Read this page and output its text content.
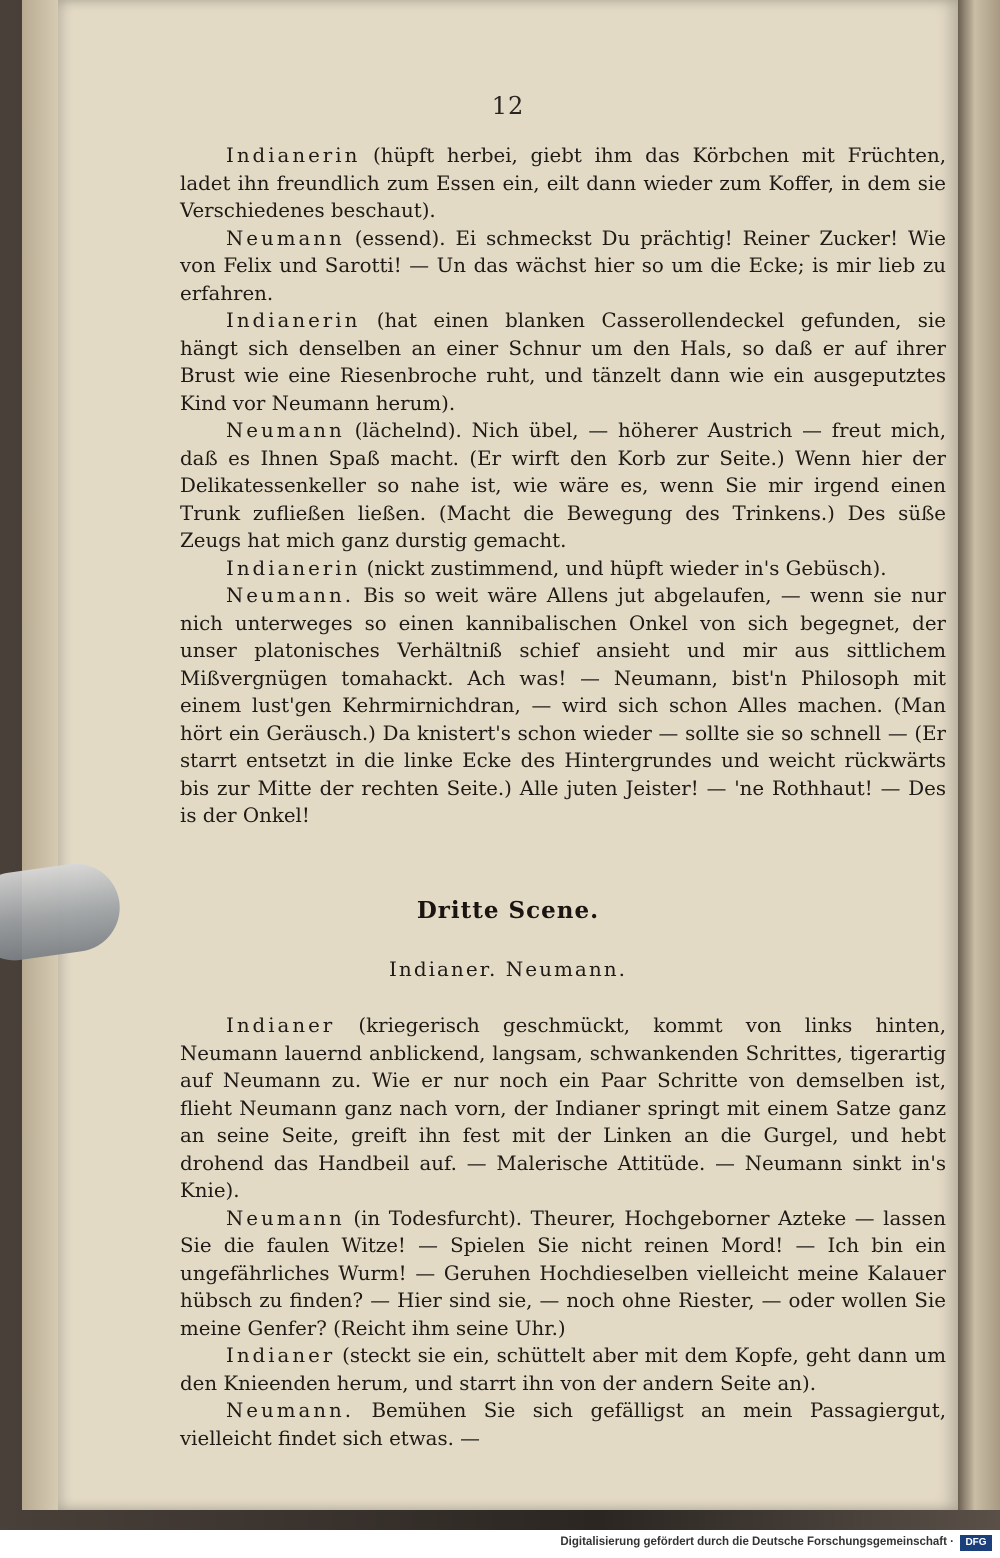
12

Indianerin (hüpft herbei, giebt ihm das Körbchen mit Früchten, ladet ihn freundlich zum Essen ein, eilt dann wieder zum Koffer, in dem sie Verschiedenes beschaut).

Neumann (essend). Ei schmeckst Du prächtig! Reiner Zucker! Wie von Felix und Sarotti! — Un das wächst hier so um die Ecke; is mir lieb zu erfahren.

Indianerin (hat einen blanken Casserollendeckel gefunden, sie hängt sich denselben an einer Schnur um den Hals, so daß er auf ihrer Brust wie eine Riesenbroche ruht, und tänzelt dann wie ein ausgeputztes Kind vor Neumann herum).

Neumann (lächelnd). Nich übel, — höherer Austrich — freut mich, daß es Ihnen Spaß macht. (Er wirft den Korb zur Seite.) Wenn hier der Delikatessenkeller so nahe ist, wie wäre es, wenn Sie mir irgend einen Trunk zufließen ließen. (Macht die Bewegung des Trinkens.) Des süße Zeugs hat mich ganz durstig gemacht.

Indianerin (nickt zustimmend, und hüpft wieder in's Gebüsch).

Neumann. Bis so weit wäre Allens jut abgelaufen, — wenn sie nur nich unterweges so einen kannibalischen Onkel von sich begegnet, der unser platonisches Verhältniß schief ansieht und mir aus sittlichem Mißvergnügen tomahackt. Ach was! — Neumann, bist'n Philosoph mit einem lust'gen Kehrmirnichdran, — wird sich schon Alles machen. (Man hört ein Geräusch.) Da knistert's schon wieder — sollte sie so schnell — (Er starrt entsetzt in die linke Ecke des Hintergrundes und weicht rückwärts bis zur Mitte der rechten Seite.) Alle juten Jeister! — 'ne Rothhaut! — Des is der Onkel!

Dritte Scene.
Indianer. Neumann.

Indianer (kriegerisch geschmückt, kommt von links hinten, Neumann lauernd anblickend, langsam, schwankenden Schrittes, tigerartig auf Neumann zu. Wie er nur noch ein Paar Schritte von demselben ist, flieht Neumann ganz nach vorn, der Indianer springt mit einem Satze ganz an seine Seite, greift ihn fest mit der Linken an die Gurgel, und hebt drohend das Handbeil auf. — Malerische Attitüde. — Neumann sinkt in's Knie).

Neumann (in Todesfurcht). Theurer, Hochgeborner Azteke — lassen Sie die faulen Witze! — Spielen Sie nicht reinen Mord! — Ich bin ein ungefährliches Wurm! — Geruhen Hochdieselben vielleicht meine Kalauer hübsch zu finden? — Hier sind sie, — noch ohne Riester, — oder wollen Sie meine Genfer? (Reicht ihm seine Uhr.)

Indianer (steckt sie ein, schüttelt aber mit dem Kopfe, geht dann um den Knieenden herum, und starrt ihn von der andern Seite an).

Neumann. Bemühen Sie sich gefälligst an mein Passagiergut, vielleicht findet sich etwas. —

Digitalisierung gefördert durch die Deutsche Forschungsgemeinschaft ·	DFG
